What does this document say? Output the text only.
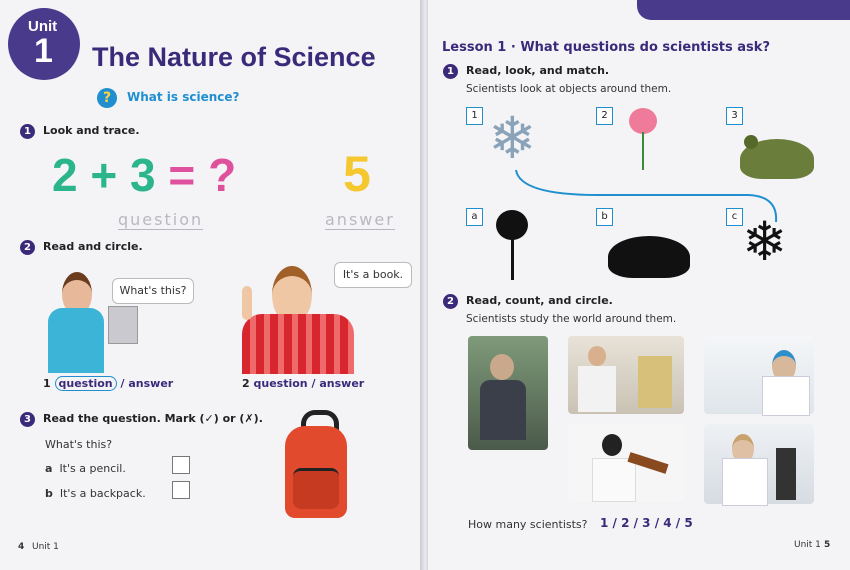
Unit
1 The Nature of Science
?	What is science?
1	Look and trace.
2 + 3 = ? 5
question	answer
2	Read and circle.
What's this?
It's a book.
1 question / answer	2 question / answer
3	Read the question. Mark (✓) or (✗).
What's this?
a It's a pencil.
b It's a backpack.
4 Unit 1
Lesson 1 · What questions do scientists ask?
1	Read, look, and match.
Scientists look at objects around them.
1	2	3
a	b	c
❄
❄
2	Read, count, and circle.
Scientists study the world around them.
How many scientists? 1 / 2 / 3 / 4 / 5
Unit 1 5
